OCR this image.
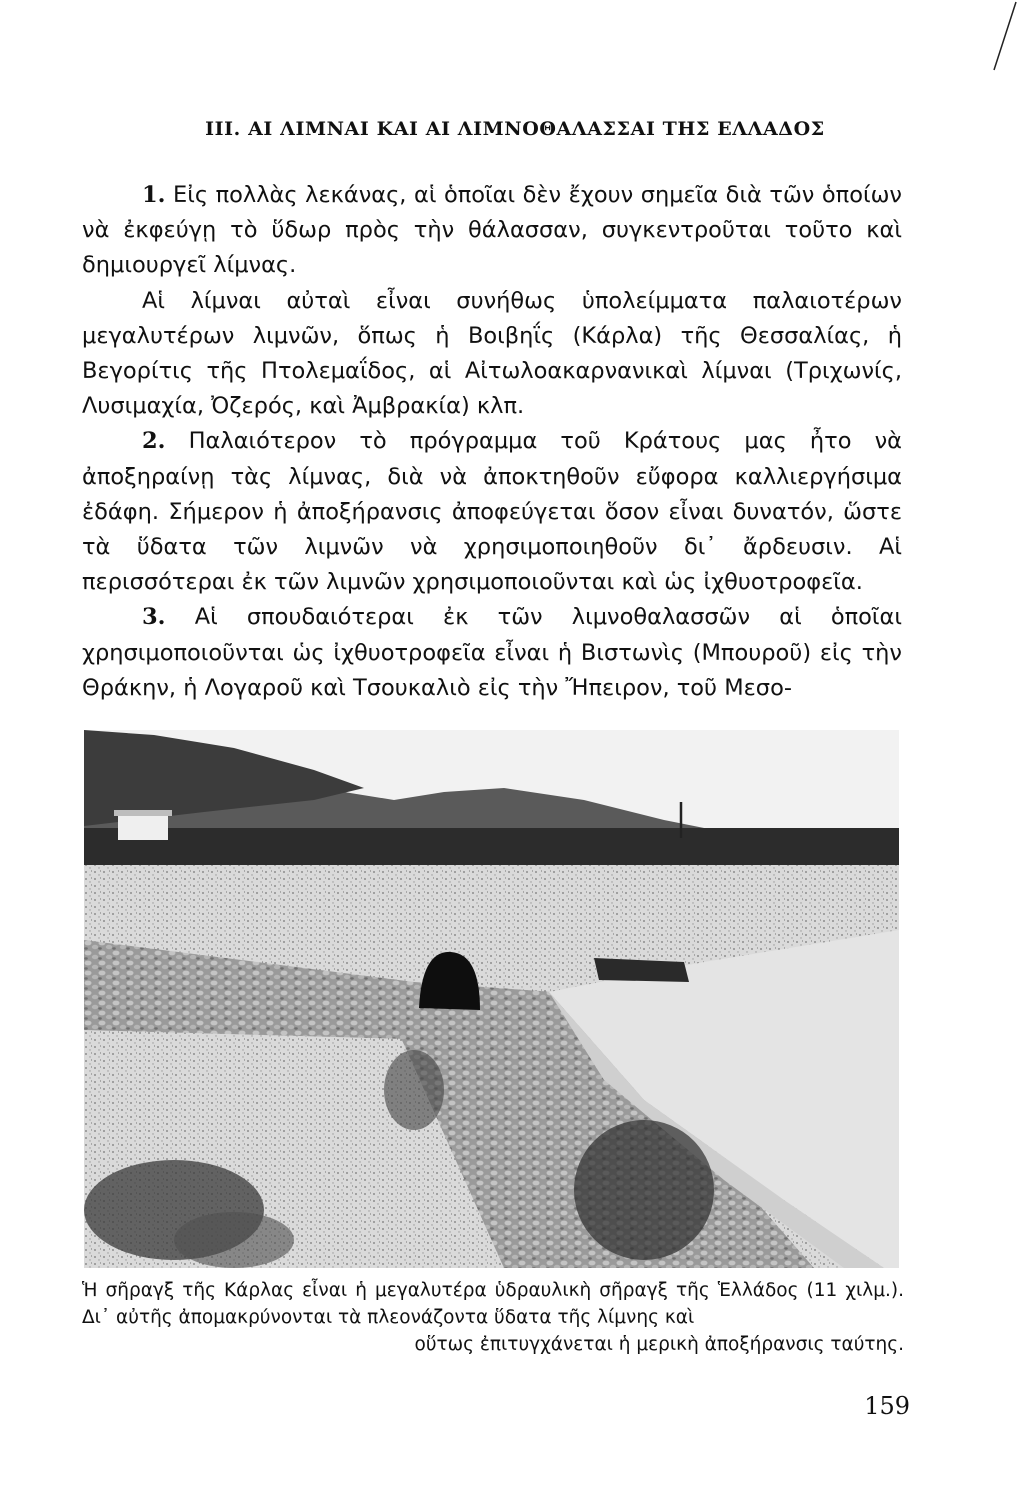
III. ΑΙ ΛΙΜΝΑΙ ΚΑΙ ΑΙ ΛΙΜΝΟΘΑΛΑΣΣΑΙ ΤΗΣ ΕΛΛΑΔΟΣ

1. Εἰς πολλὰς λεκάνας, αἱ ὁποῖαι δὲν ἔχουν σημεῖα διὰ τῶν ὁποίων νὰ ἐκφεύγῃ τὸ ὕδωρ πρὸς τὴν θάλασσαν, συγκεντροῦται τοῦτο καὶ δημιουργεῖ λίμνας.

Αἱ λίμναι αὐταὶ εἶναι συνήθως ὑπολείμματα παλαιοτέρων μεγαλυτέρων λιμνῶν, ὅπως ἡ Βοιβηΐς (Κάρλα) τῆς Θεσσαλίας, ἡ Βεγορίτις τῆς Πτολεμαΐδος, αἱ Αἰτωλοακαρνανικαὶ λίμναι (Τριχωνίς, Λυσιμαχία, Ὀζερός, καὶ Ἀμβρακία) κλπ.

2. Παλαιότερον τὸ πρόγραμμα τοῦ Κράτους μας ἦτο νὰ ἀποξηραίνῃ τὰς λίμνας, διὰ νὰ ἀποκτηθοῦν εὔφορα καλλιεργήσιμα ἐδάφη. Σήμερον ἡ ἀποξήρανσις ἀποφεύγεται ὅσον εἶναι δυνατόν, ὥστε τὰ ὕδατα τῶν λιμνῶν νὰ χρησιμοποιηθοῦν δι᾽ ἄρδευσιν. Αἱ περισσότεραι ἐκ τῶν λιμνῶν χρησιμοποιοῦνται καὶ ὡς ἰχθυοτροφεῖα.

3. Αἱ σπουδαιότεραι ἐκ τῶν λιμνοθαλασσῶν αἱ ὁποῖαι χρησιμοποιοῦνται ὡς ἰχθυοτροφεῖα εἶναι ἡ Βιστωνὶς (Μπουροῦ) εἰς τὴν Θράκην, ἡ Λογαροῦ καὶ Τσουκαλιὸ εἰς τὴν Ἤπειρον, τοῦ Μεσο-

Ἡ σῆραγξ τῆς Κάρλας εἶναι ἡ μεγαλυτέρα ὑδραυλικὴ σῆραγξ τῆς Ἑλλάδος (11 χιλμ.). Δι᾽ αὐτῆς ἀπομακρύνονται τὰ πλεονάζοντα ὕδατα τῆς λίμνης καὶ
οὕτως ἐπιτυγχάνεται ἡ μερικὴ ἀποξήρανσις ταύτης.
159
